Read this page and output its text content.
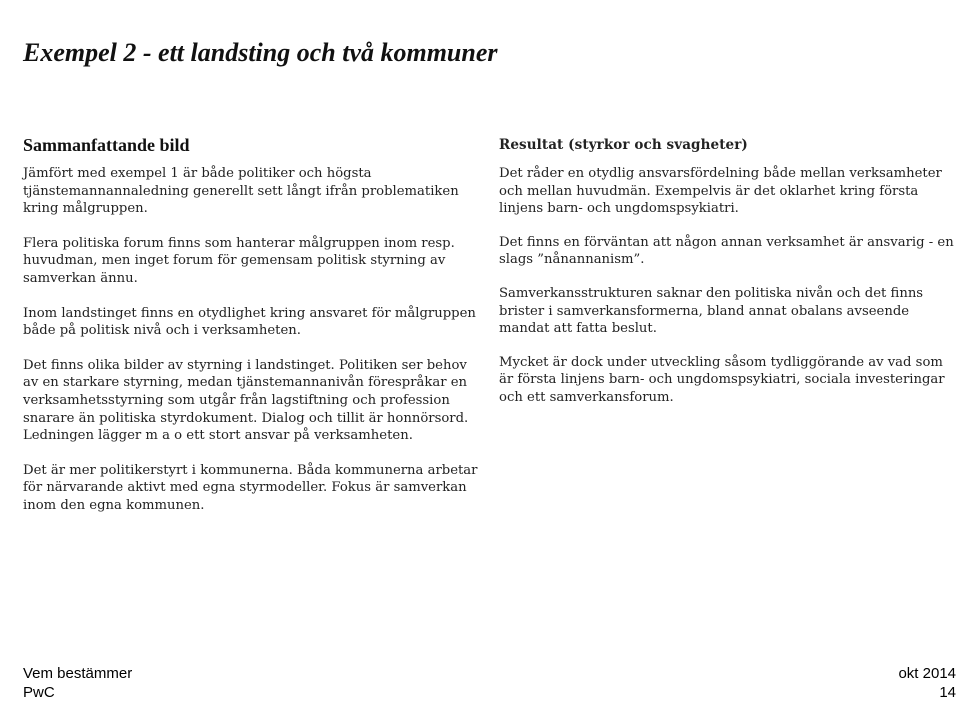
Exempel 2 - ett landsting och två kommuner
Sammanfattande bild

Jämfört med exempel 1 är både politiker och högsta tjänstemannannaledning generellt sett långt ifrån problematiken kring målgruppen.

Flera politiska forum finns som hanterar målgruppen inom resp. huvudman, men inget forum för gemensam politisk styrning av samverkan ännu.

Inom landstinget finns en otydlighet kring ansvaret för målgruppen både på politisk nivå och i verksamheten.

Det finns olika bilder av styrning i landstinget. Politiken ser behov av en starkare styrning, medan tjänstemannanivån förespråkar en verksamhetsstyrning som utgår från lagstiftning och profession snarare än politiska styrdokument. Dialog och tillit är honnörsord. Ledningen lägger m a o ett stort ansvar på verksamheten.

Det är mer politikerstyrt i kommunerna. Båda kommunerna arbetar för närvarande aktivt med egna styrmodeller. Fokus är samverkan inom den egna kommunen.

Resultat (styrkor och svagheter)

Det råder en otydlig ansvarsfördelning både mellan verksamheter och mellan huvudmän. Exempelvis är det oklarhet kring första linjens barn- och ungdomspsykiatri.

Det finns en förväntan att någon annan verksamhet är ansvarig - en slags ”nånannanism”.

Samverkansstrukturen saknar den politiska nivån och det finns brister i samverkansformerna, bland annat obalans avseende mandat att fatta beslut.

Mycket är dock under utveckling såsom tydliggörande av vad som är första linjens barn- och ungdomspsykiatri, sociala investeringar och ett samverkansforum.

Vem bestämmer
PwC
okt 2014
14
